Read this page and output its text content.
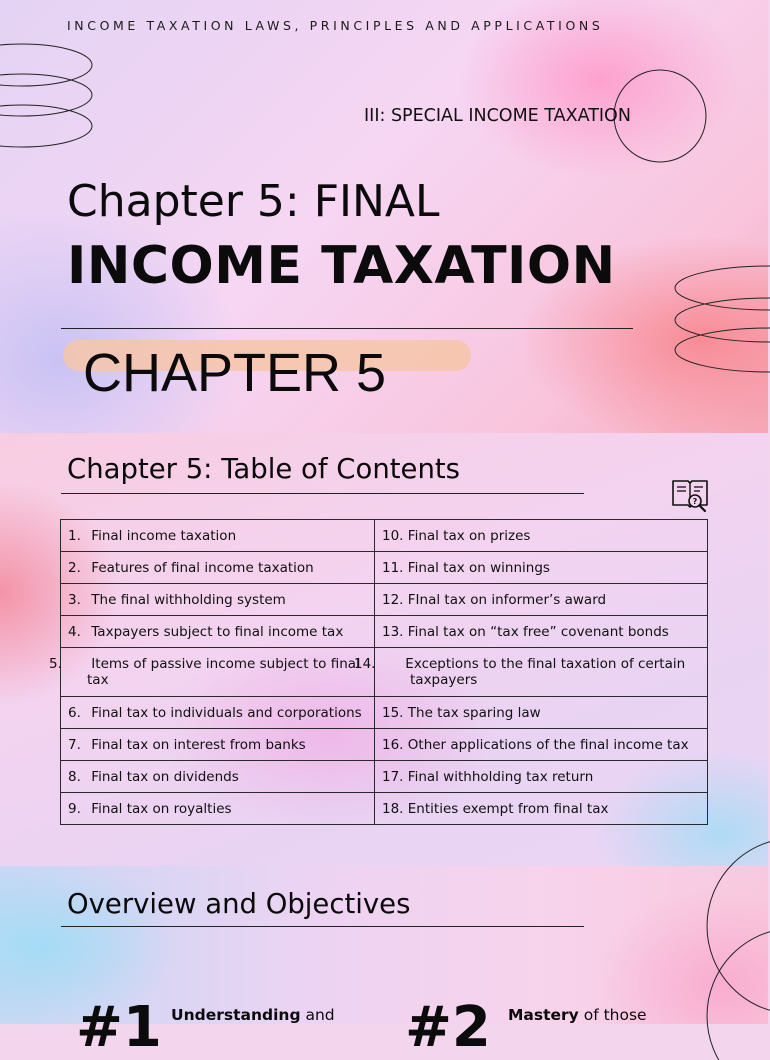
INCOME TAXATION LAWS, PRINCIPLES AND APPLICATIONS
III: SPECIAL INCOME TAXATION
Chapter 5: FINAL
INCOME TAXATION
CHAPTER 5
Chapter 5: Table of Contents
?
1. Final income taxation	10. Final tax on prizes
2. Features of final income taxation	11. Final tax on winnings
3. The final withholding system	12. FInal tax on informer’s award
4. Taxpayers subject to final income tax	13. Final tax on “tax free” covenant bonds

5. Items of passive income subject to final tax	14. Exceptions to the final taxation of certain taxpayers

6. Final tax to individuals and corporations	15. The tax sparing law
7. Final tax on interest from banks	16. Other applications of the final income tax
8. Final tax on dividends	17. Final withholding tax return
9. Final tax on royalties	18. Entities exempt from final tax
Overview and Objectives
#1 Understanding and #2 Mastery of those
